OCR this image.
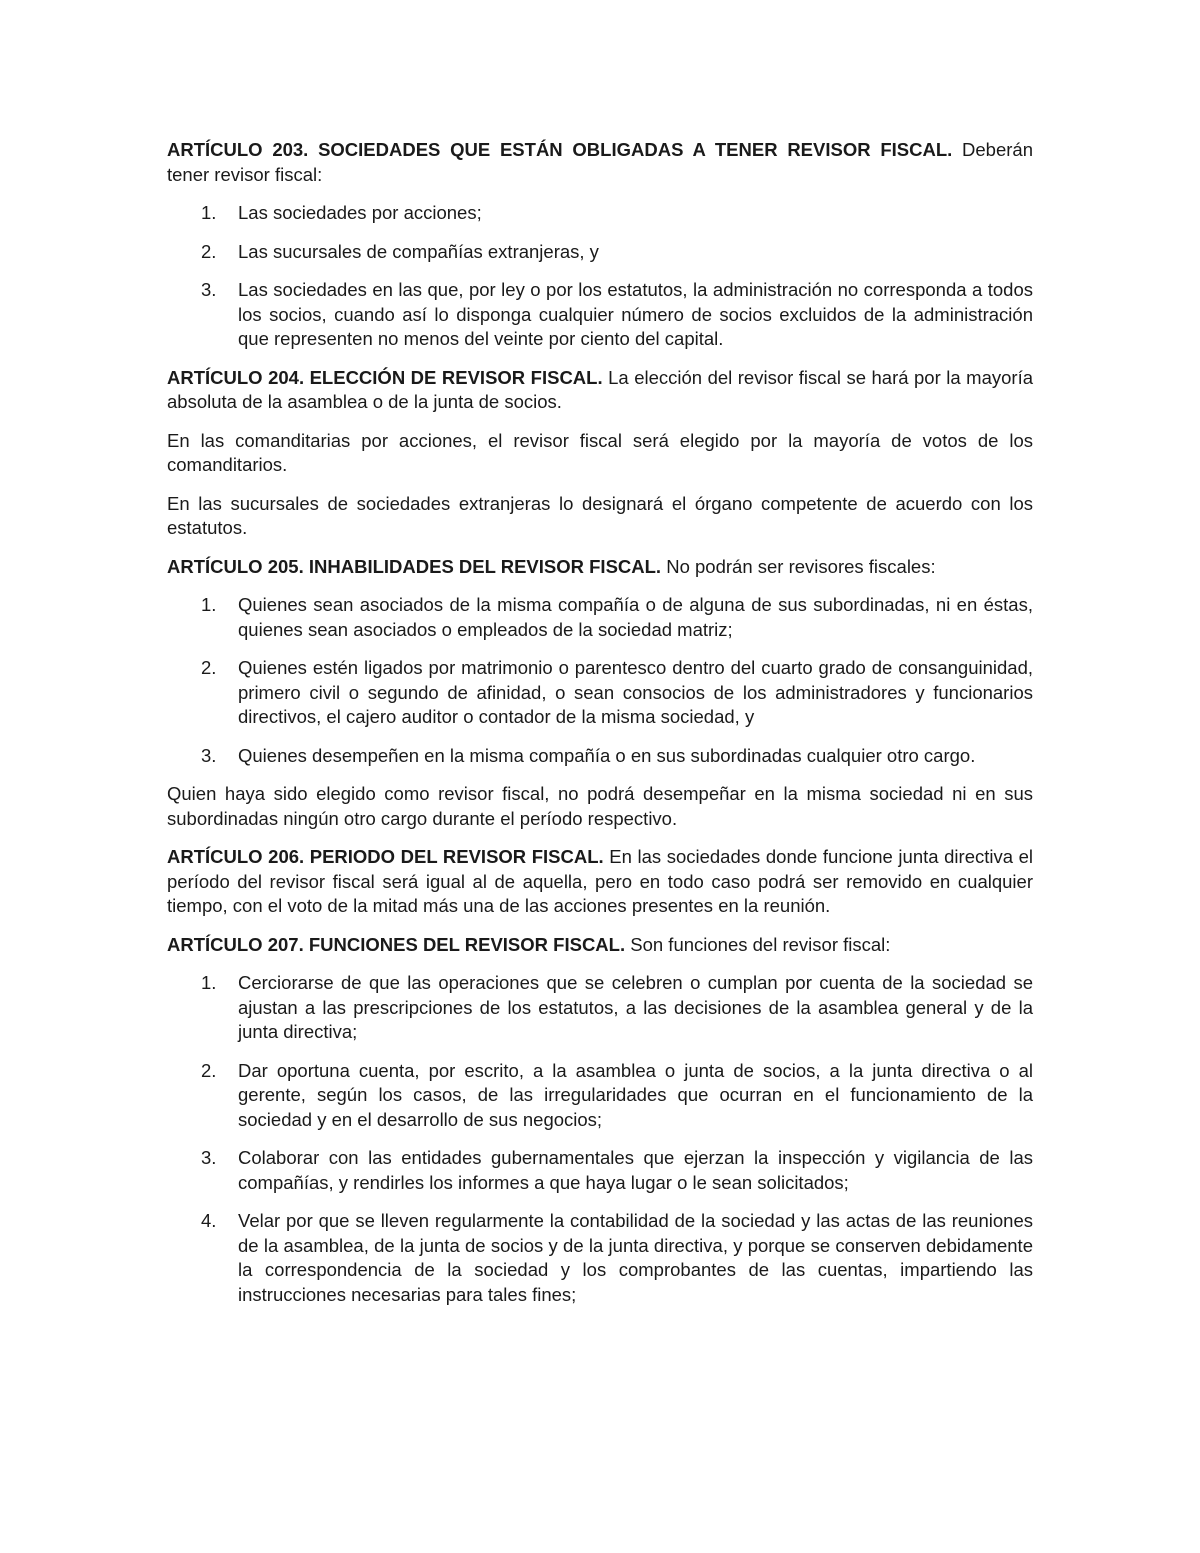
ARTÍCULO 203. SOCIEDADES QUE ESTÁN OBLIGADAS A TENER REVISOR FISCAL. Deberán tener revisor fiscal:

1. Las sociedades por acciones;
2. Las sucursales de compañías extranjeras, y
3. Las sociedades en las que, por ley o por los estatutos, la administración no corresponda a todos los socios, cuando así lo disponga cualquier número de socios excluidos de la administración que representen no menos del veinte por ciento del capital.

ARTÍCULO 204. ELECCIÓN DE REVISOR FISCAL. La elección del revisor fiscal se hará por la mayoría absoluta de la asamblea o de la junta de socios.

En las comanditarias por acciones, el revisor fiscal será elegido por la mayoría de votos de los comanditarios.

En las sucursales de sociedades extranjeras lo designará el órgano competente de acuerdo con los estatutos.

ARTÍCULO 205. INHABILIDADES DEL REVISOR FISCAL. No podrán ser revisores fiscales:

1. Quienes sean asociados de la misma compañía o de alguna de sus subordinadas, ni en éstas, quienes sean asociados o empleados de la sociedad matriz;
2. Quienes estén ligados por matrimonio o parentesco dentro del cuarto grado de consanguinidad, primero civil o segundo de afinidad, o sean consocios de los administradores y funcionarios directivos, el cajero auditor o contador de la misma sociedad, y
3. Quienes desempeñen en la misma compañía o en sus subordinadas cualquier otro cargo.

Quien haya sido elegido como revisor fiscal, no podrá desempeñar en la misma sociedad ni en sus subordinadas ningún otro cargo durante el período respectivo.

ARTÍCULO 206. PERIODO DEL REVISOR FISCAL. En las sociedades donde funcione junta directiva el período del revisor fiscal será igual al de aquella, pero en todo caso podrá ser removido en cualquier tiempo, con el voto de la mitad más una de las acciones presentes en la reunión.

ARTÍCULO 207. FUNCIONES DEL REVISOR FISCAL. Son funciones del revisor fiscal:

1. Cerciorarse de que las operaciones que se celebren o cumplan por cuenta de la sociedad se ajustan a las prescripciones de los estatutos, a las decisiones de la asamblea general y de la junta directiva;
2. Dar oportuna cuenta, por escrito, a la asamblea o junta de socios, a la junta directiva o al gerente, según los casos, de las irregularidades que ocurran en el funcionamiento de la sociedad y en el desarrollo de sus negocios;
3. Colaborar con las entidades gubernamentales que ejerzan la inspección y vigilancia de las compañías, y rendirles los informes a que haya lugar o le sean solicitados;
4. Velar por que se lleven regularmente la contabilidad de la sociedad y las actas de las reuniones de la asamblea, de la junta de socios y de la junta directiva, y porque se conserven debidamente la correspondencia de la sociedad y los comprobantes de las cuentas, impartiendo las instrucciones necesarias para tales fines;
